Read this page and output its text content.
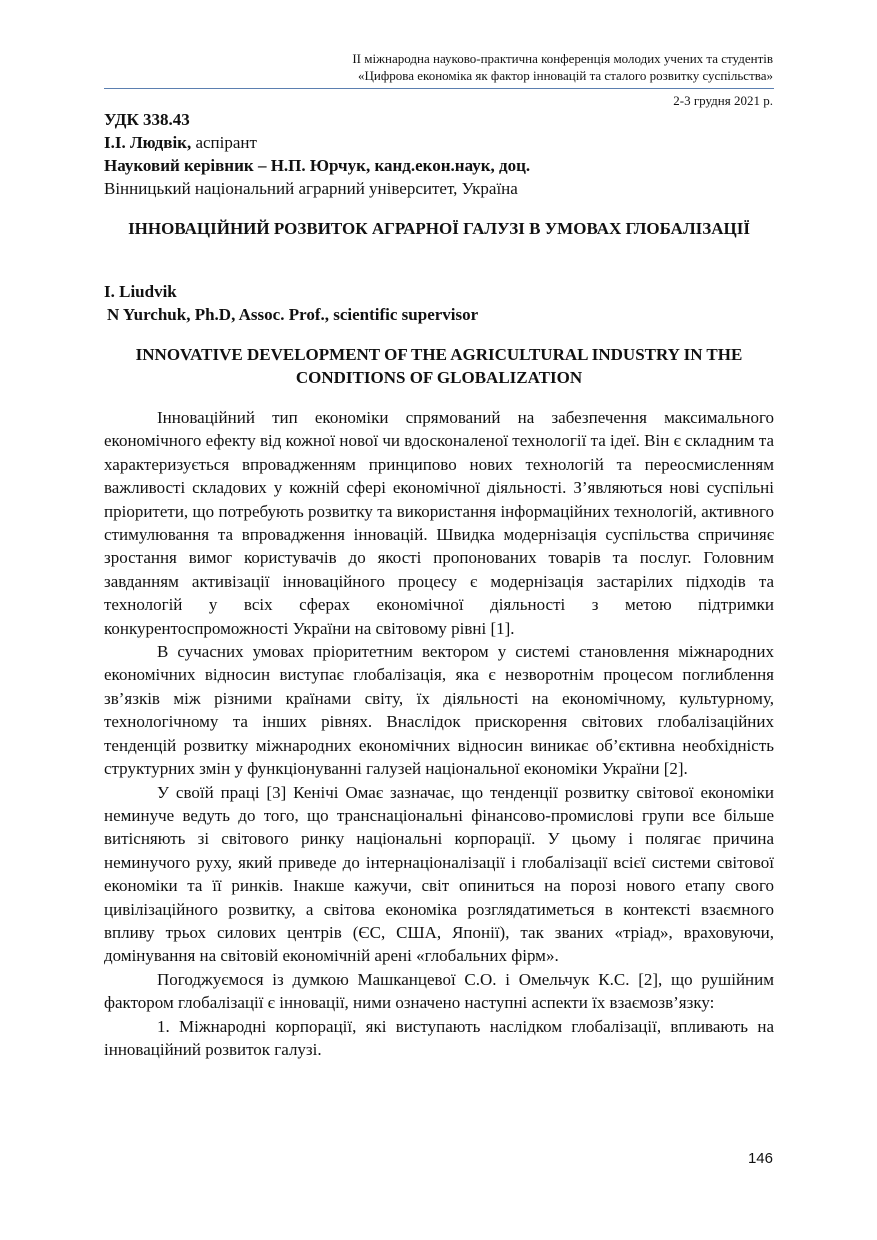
II міжнародна науково-практична конференція молодих учених та студентів
«Цифрова економіка як фактор інновацій та сталого розвитку суспільства»
2-3 грудня 2021 р.
УДК 338.43
І.І. Людвік, аспірант
Науковий керівник – Н.П. Юрчук, канд.екон.наук, доц.
Вінницький національний аграрний університет, Україна
ІННОВАЦІЙНИЙ РОЗВИТОК АГРАРНОЇ ГАЛУЗІ В УМОВАХ ГЛОБАЛІЗАЦІЇ
I. Liudvik
N Yurchuk, Ph.D, Assoc. Prof., scientific supervisor
INNOVATIVE DEVELOPMENT OF THE AGRICULTURAL INDUSTRY IN THE CONDITIONS OF GLOBALIZATION

Інноваційний тип економіки спрямований на забезпечення максимального економічного ефекту від кожної нової чи вдосконаленої технології та ідеї. Він є складним та характеризується впровадженням принципово нових технологій та переосмисленням важливості складових у кожній сфері економічної діяльності. З’являються нові суспільні пріоритети, що потребують розвитку та використання інформаційних технологій, активного стимулювання та впровадження інновацій. Швидка модернізація суспільства спричиняє зростання вимог користувачів до якості пропонованих товарів та послуг. Головним завданням активізації інноваційного процесу є модернізація застарілих підходів та технологій у всіх сферах економічної діяльності з метою підтримки конкурентоспроможності України на світовому рівні [1].

В сучасних умовах пріоритетним вектором у системі становлення міжнародних економічних відносин виступає глобалізація, яка є незворотнім процесом поглиблення зв’язків між різними країнами світу, їх діяльності на економічному, культурному, технологічному та інших рівнях. Внаслідок прискорення світових глобалізаційних тенденцій розвитку міжнародних економічних відносин виникає об’єктивна необхідність структурних змін у функціонуванні галузей національної економіки України [2].

У своїй праці [3] Кенічі Омає зазначає, що тенденції розвитку світової економіки неминуче ведуть до того, що транснаціональні фінансово-промислові групи все більше витісняють зі світового ринку національні корпорації. У цьому і полягає причина неминучого руху, який приведе до інтернаціоналізації і глобалізації всієї системи світової економіки та її ринків. Інакше кажучи, світ опиниться на порозі нового етапу свого цивілізаційного розвитку, а світова економіка розглядатиметься в контексті взаємного впливу трьох силових центрів (ЄС, США, Японії), так званих «тріад», враховуючи, домінування на світовій економічній арені «глобальних фірм».

Погоджуємося із думкою Машканцевої С.О. і Омельчук К.С. [2], що рушійним фактором глобалізації є інновації, ними означено наступні аспекти їх взаємозв’язку:

1. Міжнародні корпорації, які виступають наслідком глобалізації, впливають на інноваційний розвиток галузі.

146
